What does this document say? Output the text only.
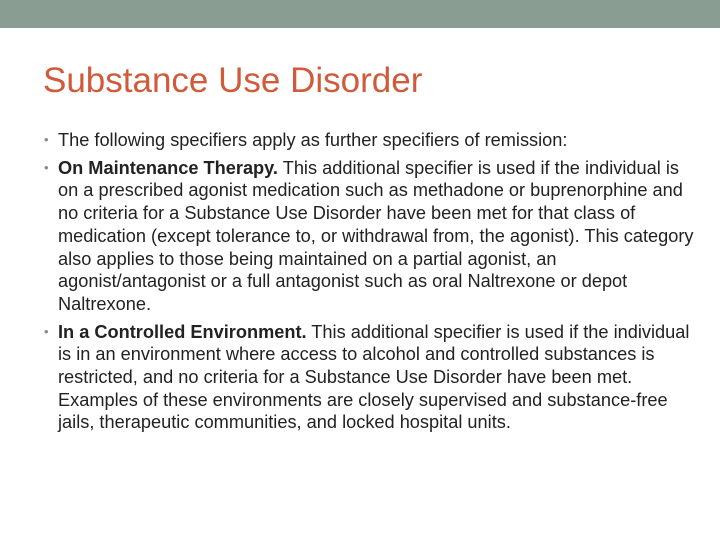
Substance Use Disorder
• The following specifiers apply as further specifiers of remission:
• On Maintenance Therapy. This additional specifier is used if the individual is on a prescribed agonist medication such as methadone or buprenorphine and no criteria for a Substance Use Disorder have been met for that class of medication (except tolerance to, or withdrawal from, the agonist). This category also applies to those being maintained on a partial agonist, an agonist/antagonist or a full antagonist such as oral Naltrexone or depot Naltrexone.
• In a Controlled Environment. This additional specifier is used if the individual is in an environment where access to alcohol and controlled substances is restricted, and no criteria for a Substance Use Disorder have been met. Examples of these environments are closely supervised and substance-free jails, therapeutic communities, and locked hospital units.
